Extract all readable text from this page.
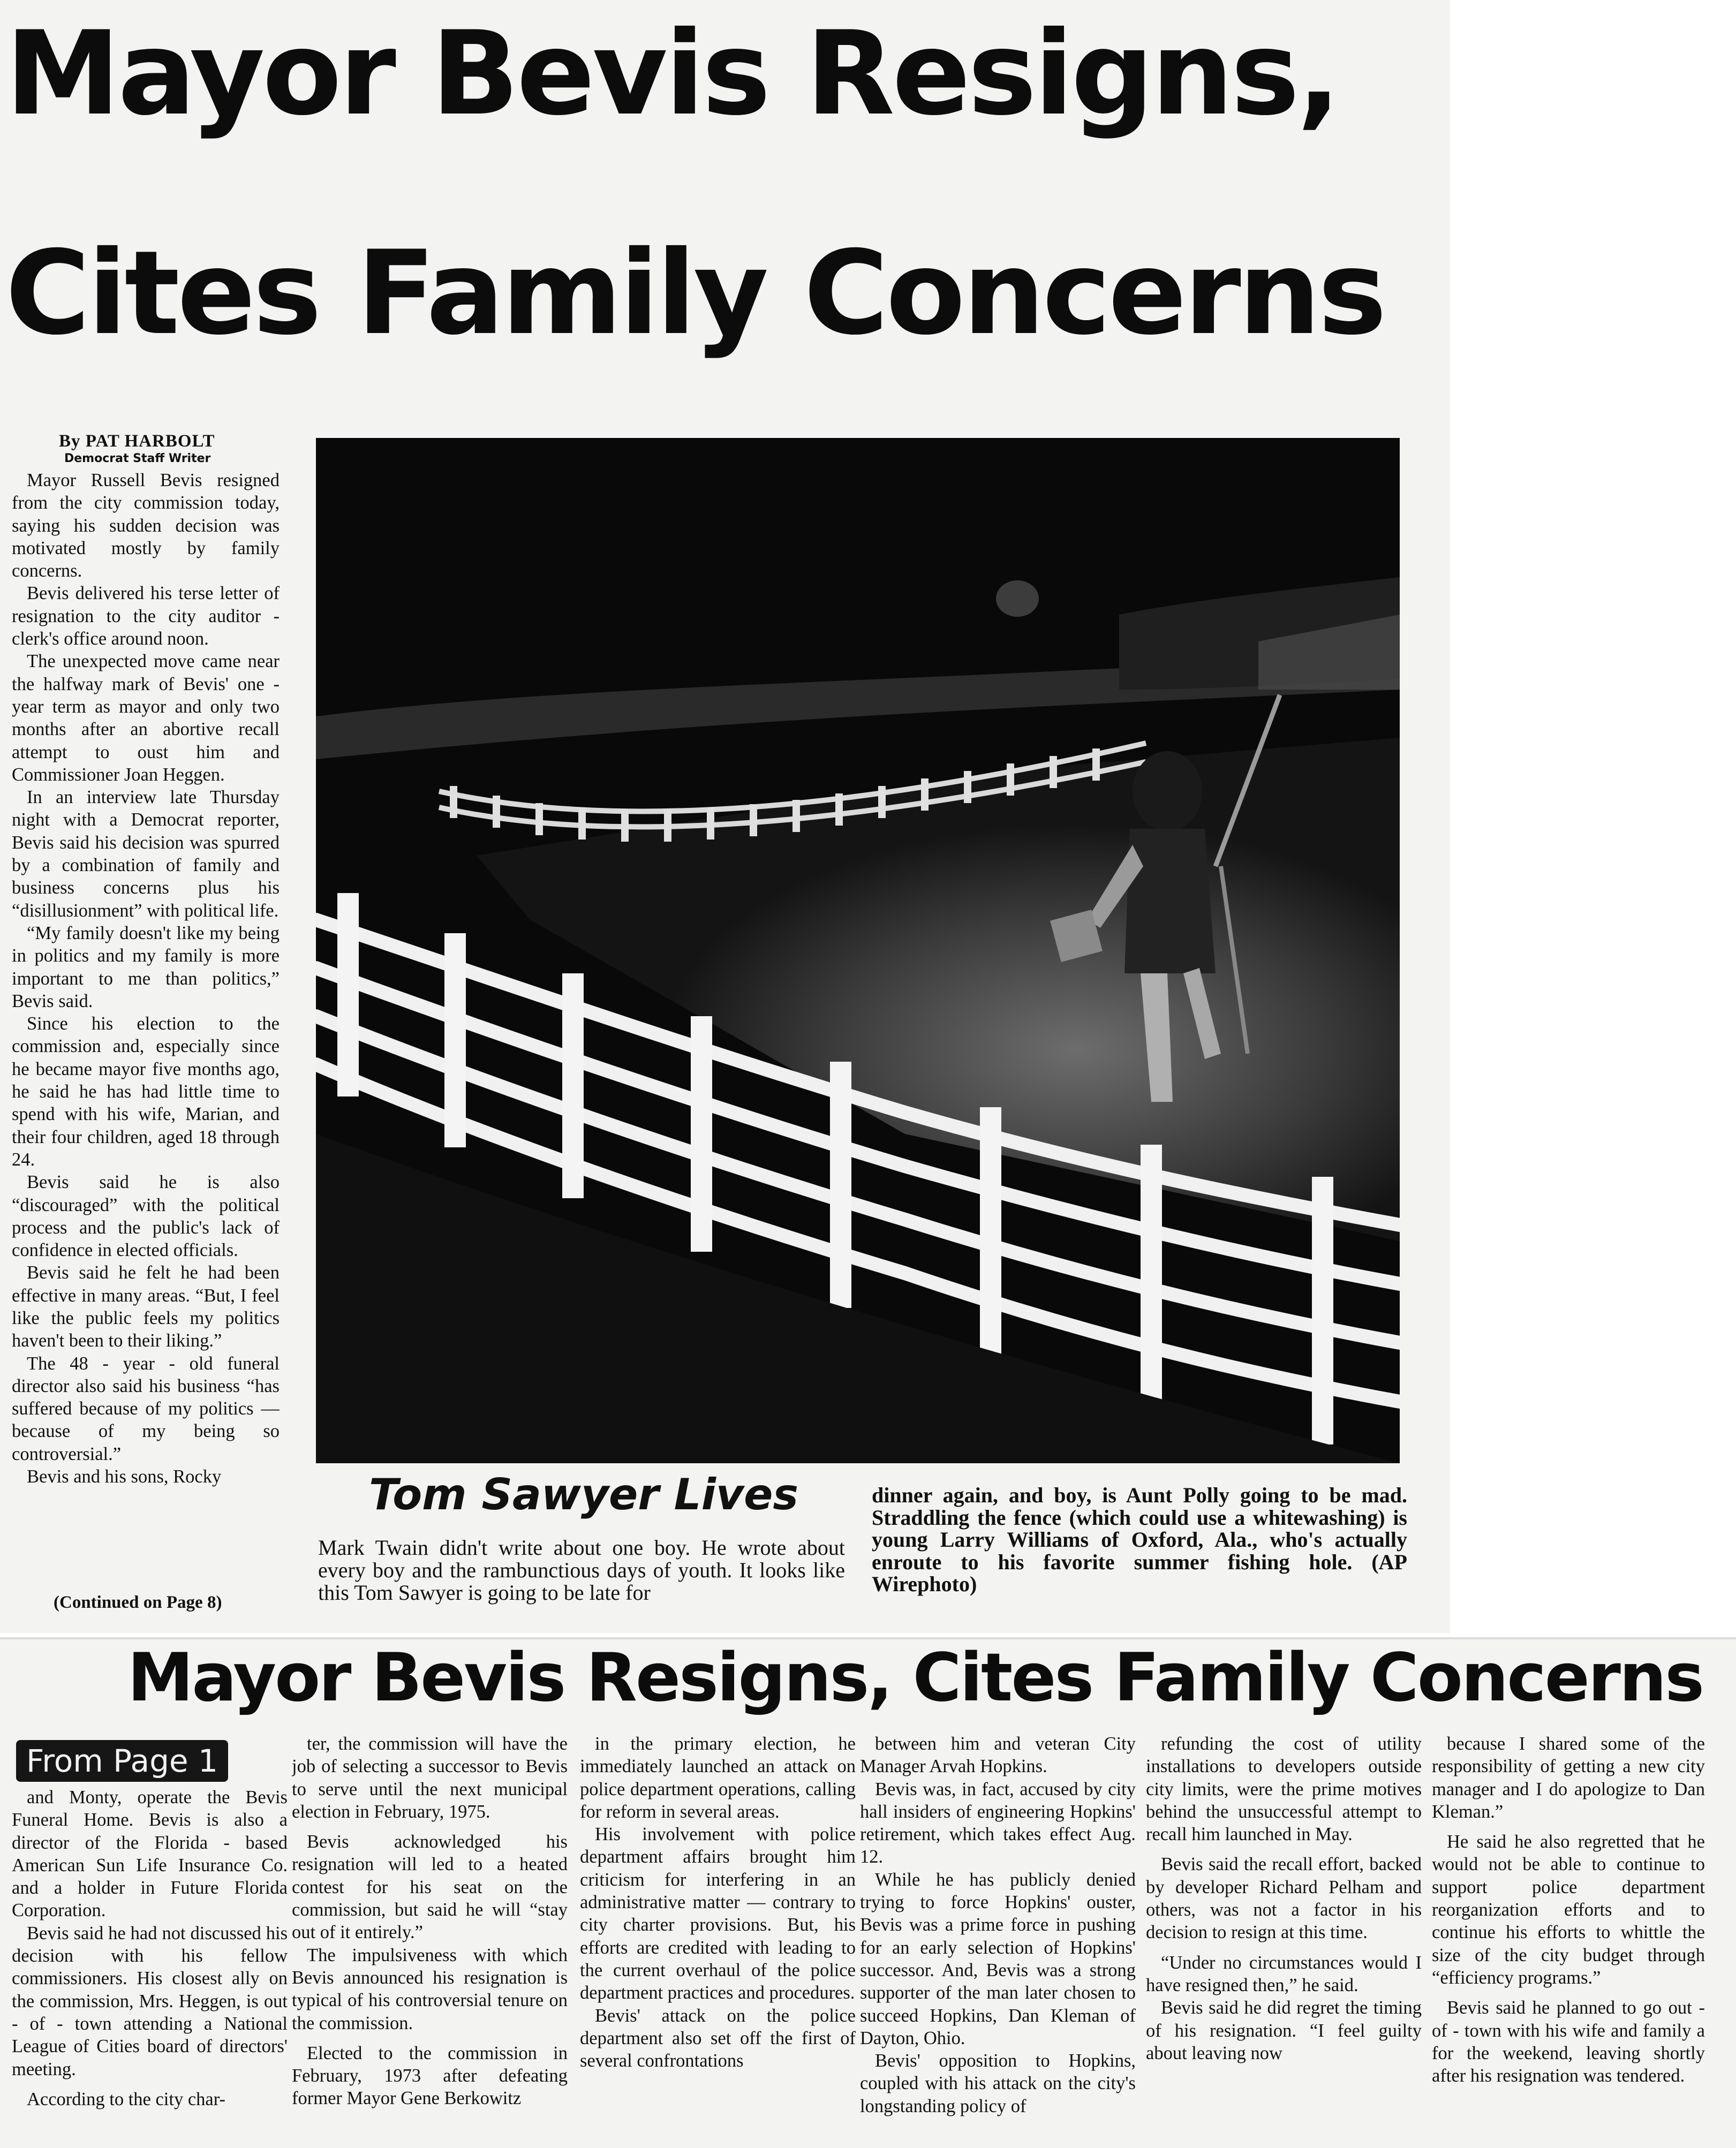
Mayor Bevis Resigns,
Cites Family Concerns
By PAT HARBOLT
Democrat Staff Writer

Mayor Russell Bevis resigned from the city commission today, saying his sudden decision was motivated mostly by family concerns.

Bevis delivered his terse letter of resignation to the city auditor - clerk's office around noon.

The unexpected move came near the halfway mark of Bevis' one - year term as mayor and only two months after an abortive recall attempt to oust him and Commissioner Joan Heggen.

In an interview late Thursday night with a Democrat reporter, Bevis said his decision was spurred by a combination of family and business concerns plus his “disillusionment” with political life.

“My family doesn't like my being in politics and my family is more important to me than politics,” Bevis said.

Since his election to the commission and, especially since he became mayor five months ago, he said he has had little time to spend with his wife, Marian, and their four children, aged 18 through 24.

Bevis said he is also “discouraged” with the political process and the public's lack of confidence in elected officials.

Bevis said he felt he had been effective in many areas. “But, I feel like the public feels my politics haven't been to their liking.”

The 48 - year - old funeral director also said his business “has suffered because of my politics — because of my being so controversial.”

Bevis and his sons, Rocky

(Continued on Page 8)
Tom Sawyer Lives
Mark Twain didn't write about one boy. He wrote about every boy and the rambunctious days of youth. It looks like this Tom Sawyer is going to be late for
dinner again, and boy, is Aunt Polly going to be mad. Straddling the fence (which could use a whitewashing) is young Larry Williams of Oxford, Ala., who's actually enroute to his favorite summer fishing hole. (AP Wirephoto)
Mayor Bevis Resigns, Cites Family Concerns
From Page 1

and Monty, operate the Bevis Funeral Home. Bevis is also a director of the Florida - based American Sun Life Insurance Co. and a holder in Future Florida Corporation.

Bevis said he had not discussed his decision with his fellow commissioners. His closest ally on the commission, Mrs. Heggen, is out - of - town attending a National League of Cities board of directors' meeting.

According to the city char-

ter, the commission will have the job of selecting a successor to Bevis to serve until the next municipal election in February, 1975.

Bevis acknowledged his resignation will led to a heated contest for his seat on the commission, but said he will “stay out of it entirely.”

The impulsiveness with which Bevis announced his resignation is typical of his controversial tenure on the commission.

Elected to the commission in February, 1973 after defeating former Mayor Gene Berkowitz

in the primary election, he immediately launched an attack on police department operations, calling for reform in several areas.

His involvement with police department affairs brought him criticism for interfering in an administrative matter — contrary to city charter provisions. But, his efforts are credited with leading to the current overhaul of the police department practices and procedures.

Bevis' attack on the police department also set off the first of several confrontations

between him and veteran City Manager Arvah Hopkins.

Bevis was, in fact, accused by city hall insiders of engineering Hopkins' retirement, which takes effect Aug. 12.

While he has publicly denied trying to force Hopkins' ouster, Bevis was a prime force in pushing for an early selection of Hopkins' successor. And, Bevis was a strong supporter of the man later chosen to succeed Hopkins, Dan Kleman of Dayton, Ohio.

Bevis' opposition to Hopkins, coupled with his attack on the city's longstanding policy of

refunding the cost of utility installations to developers outside city limits, were the prime motives behind the unsuccessful attempt to recall him launched in May.

Bevis said the recall effort, backed by developer Richard Pelham and others, was not a factor in his decision to resign at this time.

“Under no circumstances would I have resigned then,” he said.

Bevis said he did regret the timing of his resignation. “I feel guilty about leaving now

because I shared some of the responsibility of getting a new city manager and I do apologize to Dan Kleman.”

He said he also regretted that he would not be able to continue to support police department reorganization efforts and to continue his efforts to whittle the size of the city budget through “efficiency programs.”

Bevis said he planned to go out - of - town with his wife and family a for the weekend, leaving shortly after his resignation was tendered.
